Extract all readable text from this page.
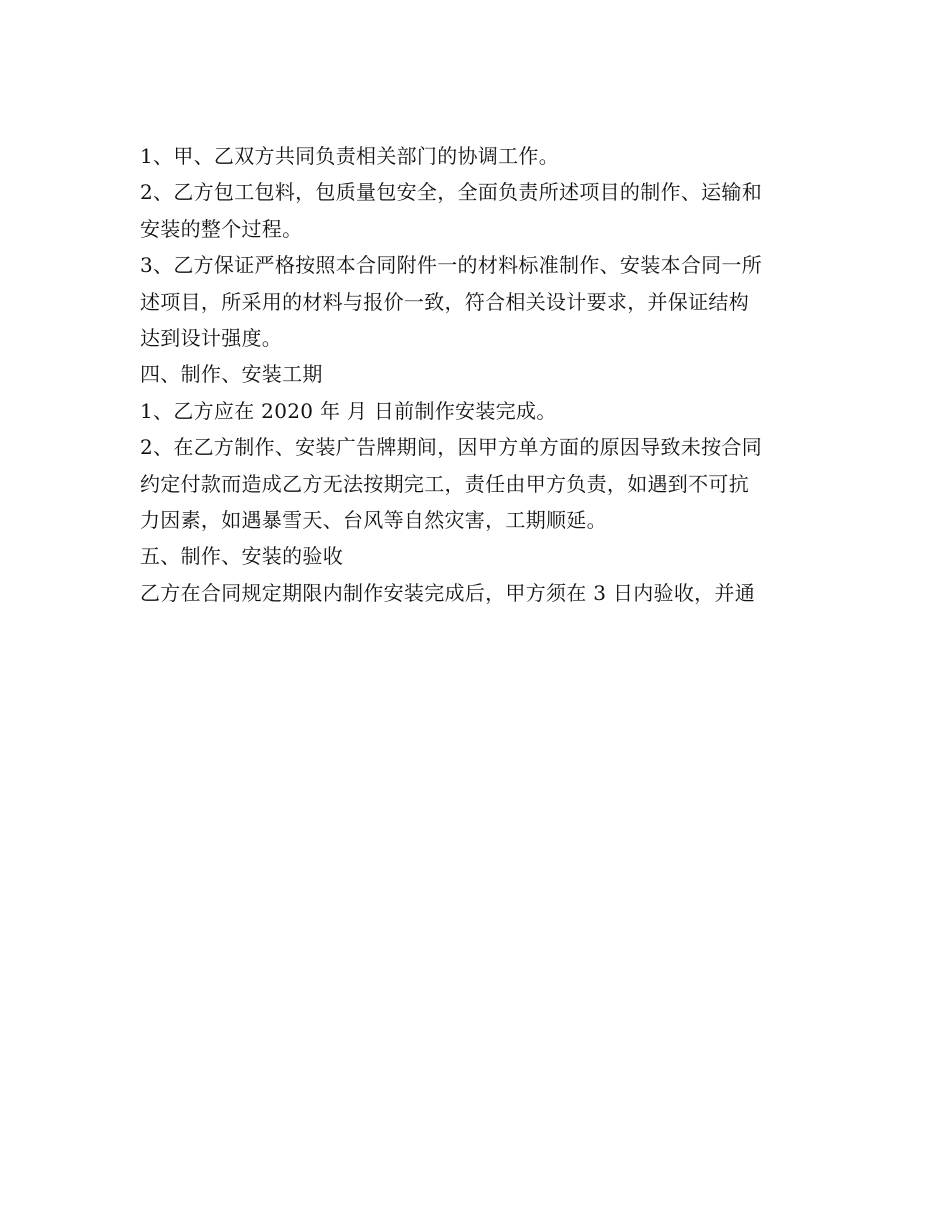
1、甲、乙双方共同负责相关部门的协调工作。

2、乙方包工包料，包质量包安全，全面负责所述项目的制作、运输和

安装的整个过程。

3、乙方保证严格按照本合同附件一的材料标准制作、安装本合同一所

述项目，所采用的材料与报价一致，符合相关设计要求，并保证结构

达到设计强度。

四、制作、安装工期

1、乙方应在 2020 年 月 日前制作安装完成。

2、在乙方制作、安装广告牌期间，因甲方单方面的原因导致未按合同

约定付款而造成乙方无法按期完工，责任由甲方负责，如遇到不可抗

力因素，如遇暴雪天、台风等自然灾害，工期顺延。

五、制作、安装的验收

乙方在合同规定期限内制作安装完成后，甲方须在 3 日内验收，并通
